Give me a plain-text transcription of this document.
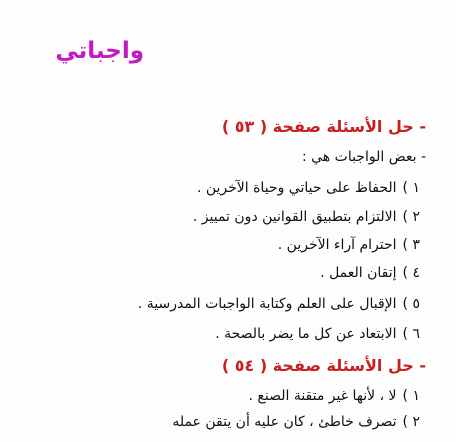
واجباتي
- حل الأسئلة صفحة ( ٥٣ )
- بعض الواجبات هي :
١ )الحفاظ على حياتي وحياة الآخرين .
٢ )الالتزام بتطبيق القوانين دون تمييز .
٣ )احترام آراء الآخرين .
٤ )إتقان العمل .
٥ )الإقبال على العلم وكتابة الواجبات المدرسية .
٦ )الابتعاد عن كل ما يضر بالصحة .
- حل الأسئلة صفحة ( ٥٤ )
١ )لا ، لأنها غير متقنة الصنع .
٢ )تصرف خاطئ ، كان عليه أن يتقن عمله
